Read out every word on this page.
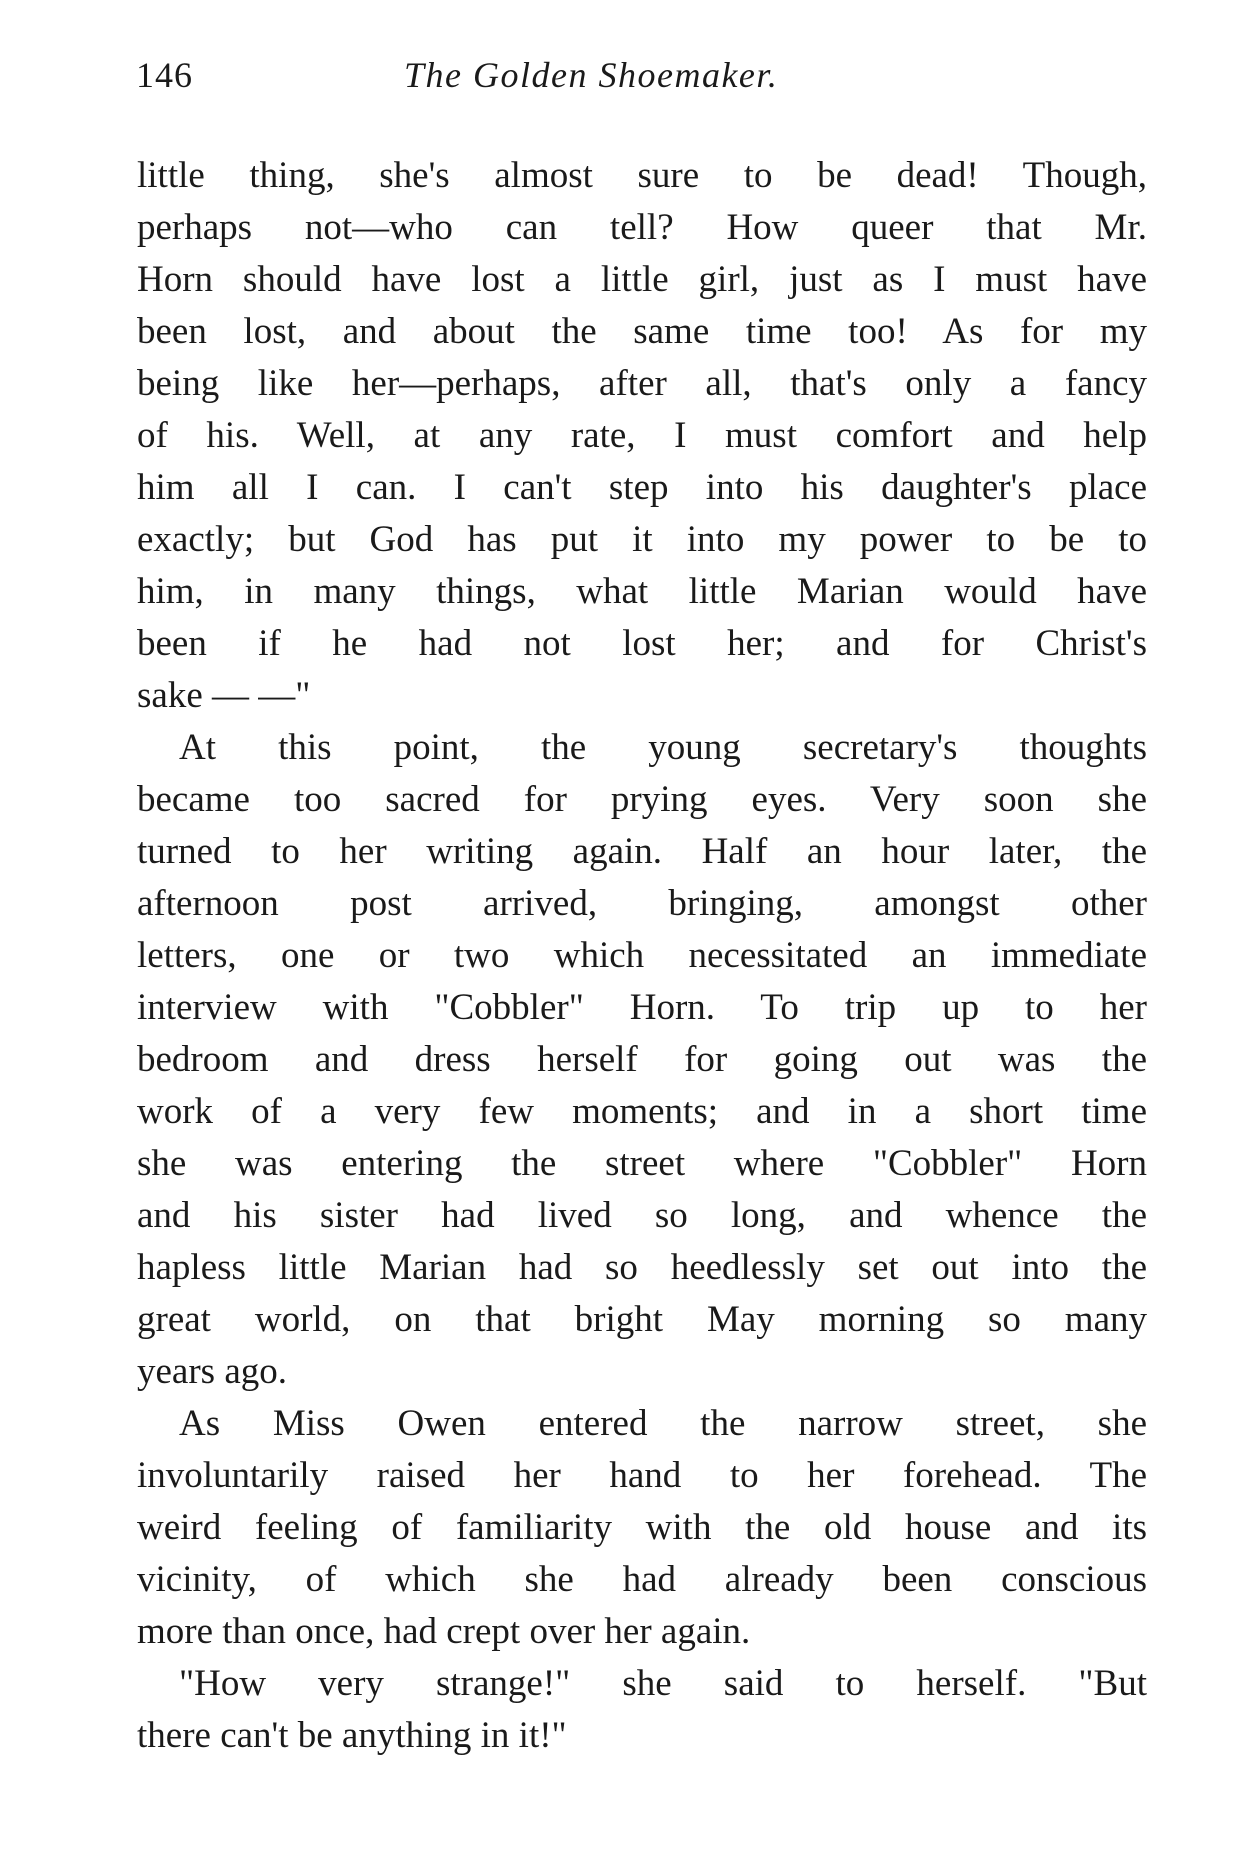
146	The Golden Shoemaker.
little thing, she's almost sure to be dead! Though,
perhaps not—who can tell? How queer that Mr.
Horn should have lost a little girl, just as I must have
been lost, and about the same time too! As for my
being like her—perhaps, after all, that's only a fancy
of his. Well, at any rate, I must comfort and help
him all I can. I can't step into his daughter's place
exactly; but God has put it into my power to be to
him, in many things, what little Marian would have
been if he had not lost her; and for Christ's
sake — —"
At this point, the young secretary's thoughts
became too sacred for prying eyes. Very soon she
turned to her writing again. Half an hour later, the
afternoon post arrived, bringing, amongst other
letters, one or two which necessitated an immediate
interview with "Cobbler" Horn. To trip up to her
bedroom and dress herself for going out was the
work of a very few moments; and in a short time
she was entering the street where "Cobbler" Horn
and his sister had lived so long, and whence the
hapless little Marian had so heedlessly set out into the
great world, on that bright May morning so many
years ago.
As Miss Owen entered the narrow street, she
involuntarily raised her hand to her forehead. The
weird feeling of familiarity with the old house and its
vicinity, of which she had already been conscious
more than once, had crept over her again.
"How very strange!" she said to herself. "But
there can't be anything in it!"
